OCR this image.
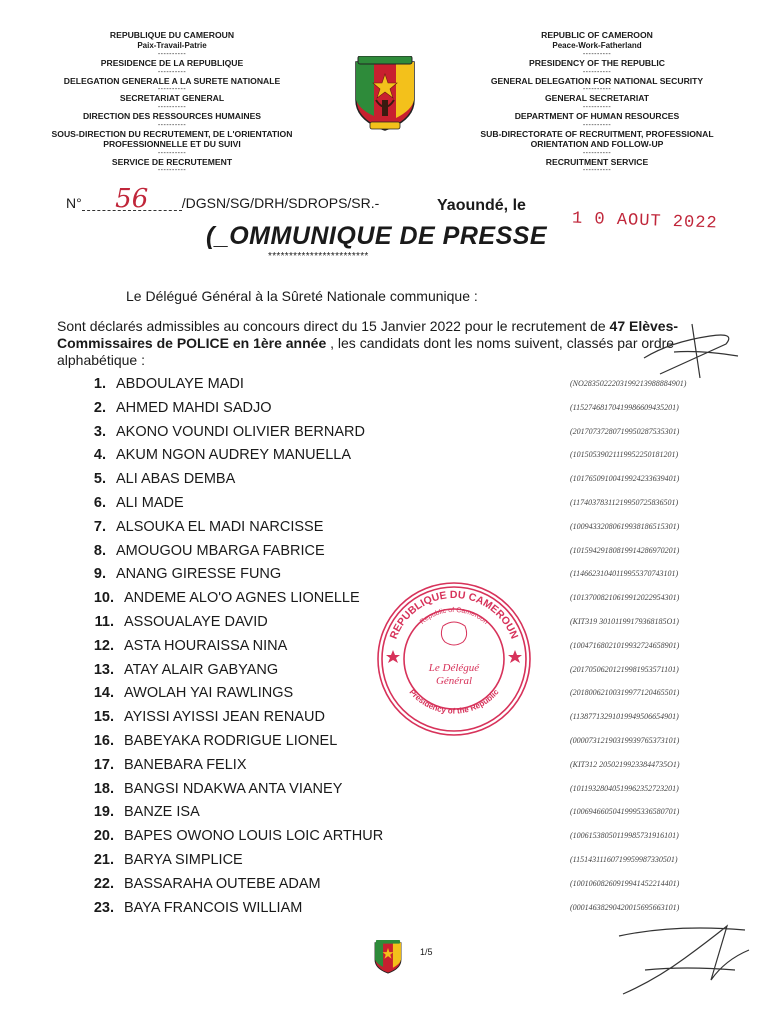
REPUBLIQUE DU CAMEROUN
Paix-Travail-Patrie
----------
PRESIDENCE DE LA REPUBLIQUE
----------
DELEGATION GENERALE A LA SURETE NATIONALE
----------
SECRETARIAT GENERAL
----------
DIRECTION DES RESSOURCES HUMAINES
----------
SOUS-DIRECTION DU RECRUTEMENT, DE L'ORIENTATION
PROFESSIONNELLE ET DU SUIVI
----------
SERVICE DE RECRUTEMENT
----------
REPUBLIC OF CAMEROON
Peace-Work-Fatherland
----------
PRESIDENCY OF THE REPUBLIC
----------
GENERAL DELEGATION FOR NATIONAL SECURITY
----------
GENERAL SECRETARIAT
----------
DEPARTMENT OF HUMAN RESOURCES
----------
SUB-DIRECTORATE OF RECRUITMENT, PROFESSIONAL
ORIENTATION AND FOLLOW-UP
----------
RECRUITMENT SERVICE
----------
N°	56	/DGSN/SG/DRH/SDROPS/SR.-	Yaoundé, le
1 0 AOUT 2022
(_OMMUNIQUE DE PRESSE
************************
Le Délégué Général à la Sûreté Nationale communique :
Sont déclarés admissibles au concours direct du 15 Janvier 2022 pour le recrutement de 47 Elèves-Commissaires de POLICE en 1ère année , les candidats dont les noms suivent, classés par ordre alphabétique :
1. ABDOULAYE MADI	(NO2835022203199213988884901)
2. AHMED MAHDI SADJO	(11527468170419986609435201)
3. AKONO VOUNDI OLIVIER BERNARD	(20170737280719950287535301)
4. AKUM NGON AUDREY MANUELLA	(10150539021119952250181201)
5. ALI ABAS DEMBA	(10176509100419924233639401)
6. ALI MADE	(11740378311219950725836501)
7. ALSOUKA EL MADI NARCISSE	(10094332080619938186515301)
8. AMOUGOU MBARGA FABRICE	(10159429180819914286970201)
9. ANANG GIRESSE FUNG	(11466231040119955370743101)
10. ANDEME ALO'O AGNES LIONELLE	(10137008210619912022954301)
11. ASSOUALAYE DAVID	(KIT319 30101199179368185O1)
12. ASTA HOURAISSA NINA	(10047168021019932724658901)
13. ATAY ALAIR GABYANG	(20170506201219981953571101)
14. AWOLAH YAI RAWLINGS	(20180062100319977120465501)
15. AYISSI AYISSI JEAN RENAUD	(11387713291019949506654901)
16. BABEYAKA RODRIGUE LIONEL	(00007312190319939765373101)
17. BANEBARA FELIX	(KIT312 20502199233844735O1)
18. BANGSI NDAKWA ANTA VIANEY	(10119328040519962352723201)
19. BANZE ISA	(10069466050419995336580701)
20. BAPES OWONO LOUIS LOIC ARTHUR	(10061538050119985731916101)
21. BARYA SIMPLICE	(11514311160719959987330501)
22. BASSARAHA OUTEBE ADAM	(10010608260919941452214401)
23. BAYA FRANCOIS WILLIAM	(00014638290420015695663101)
REPUBLIQUE DU CAMEROUN
Republic of Cameroon
Presidency of the Republic
Le Délégué
Général
1/5
